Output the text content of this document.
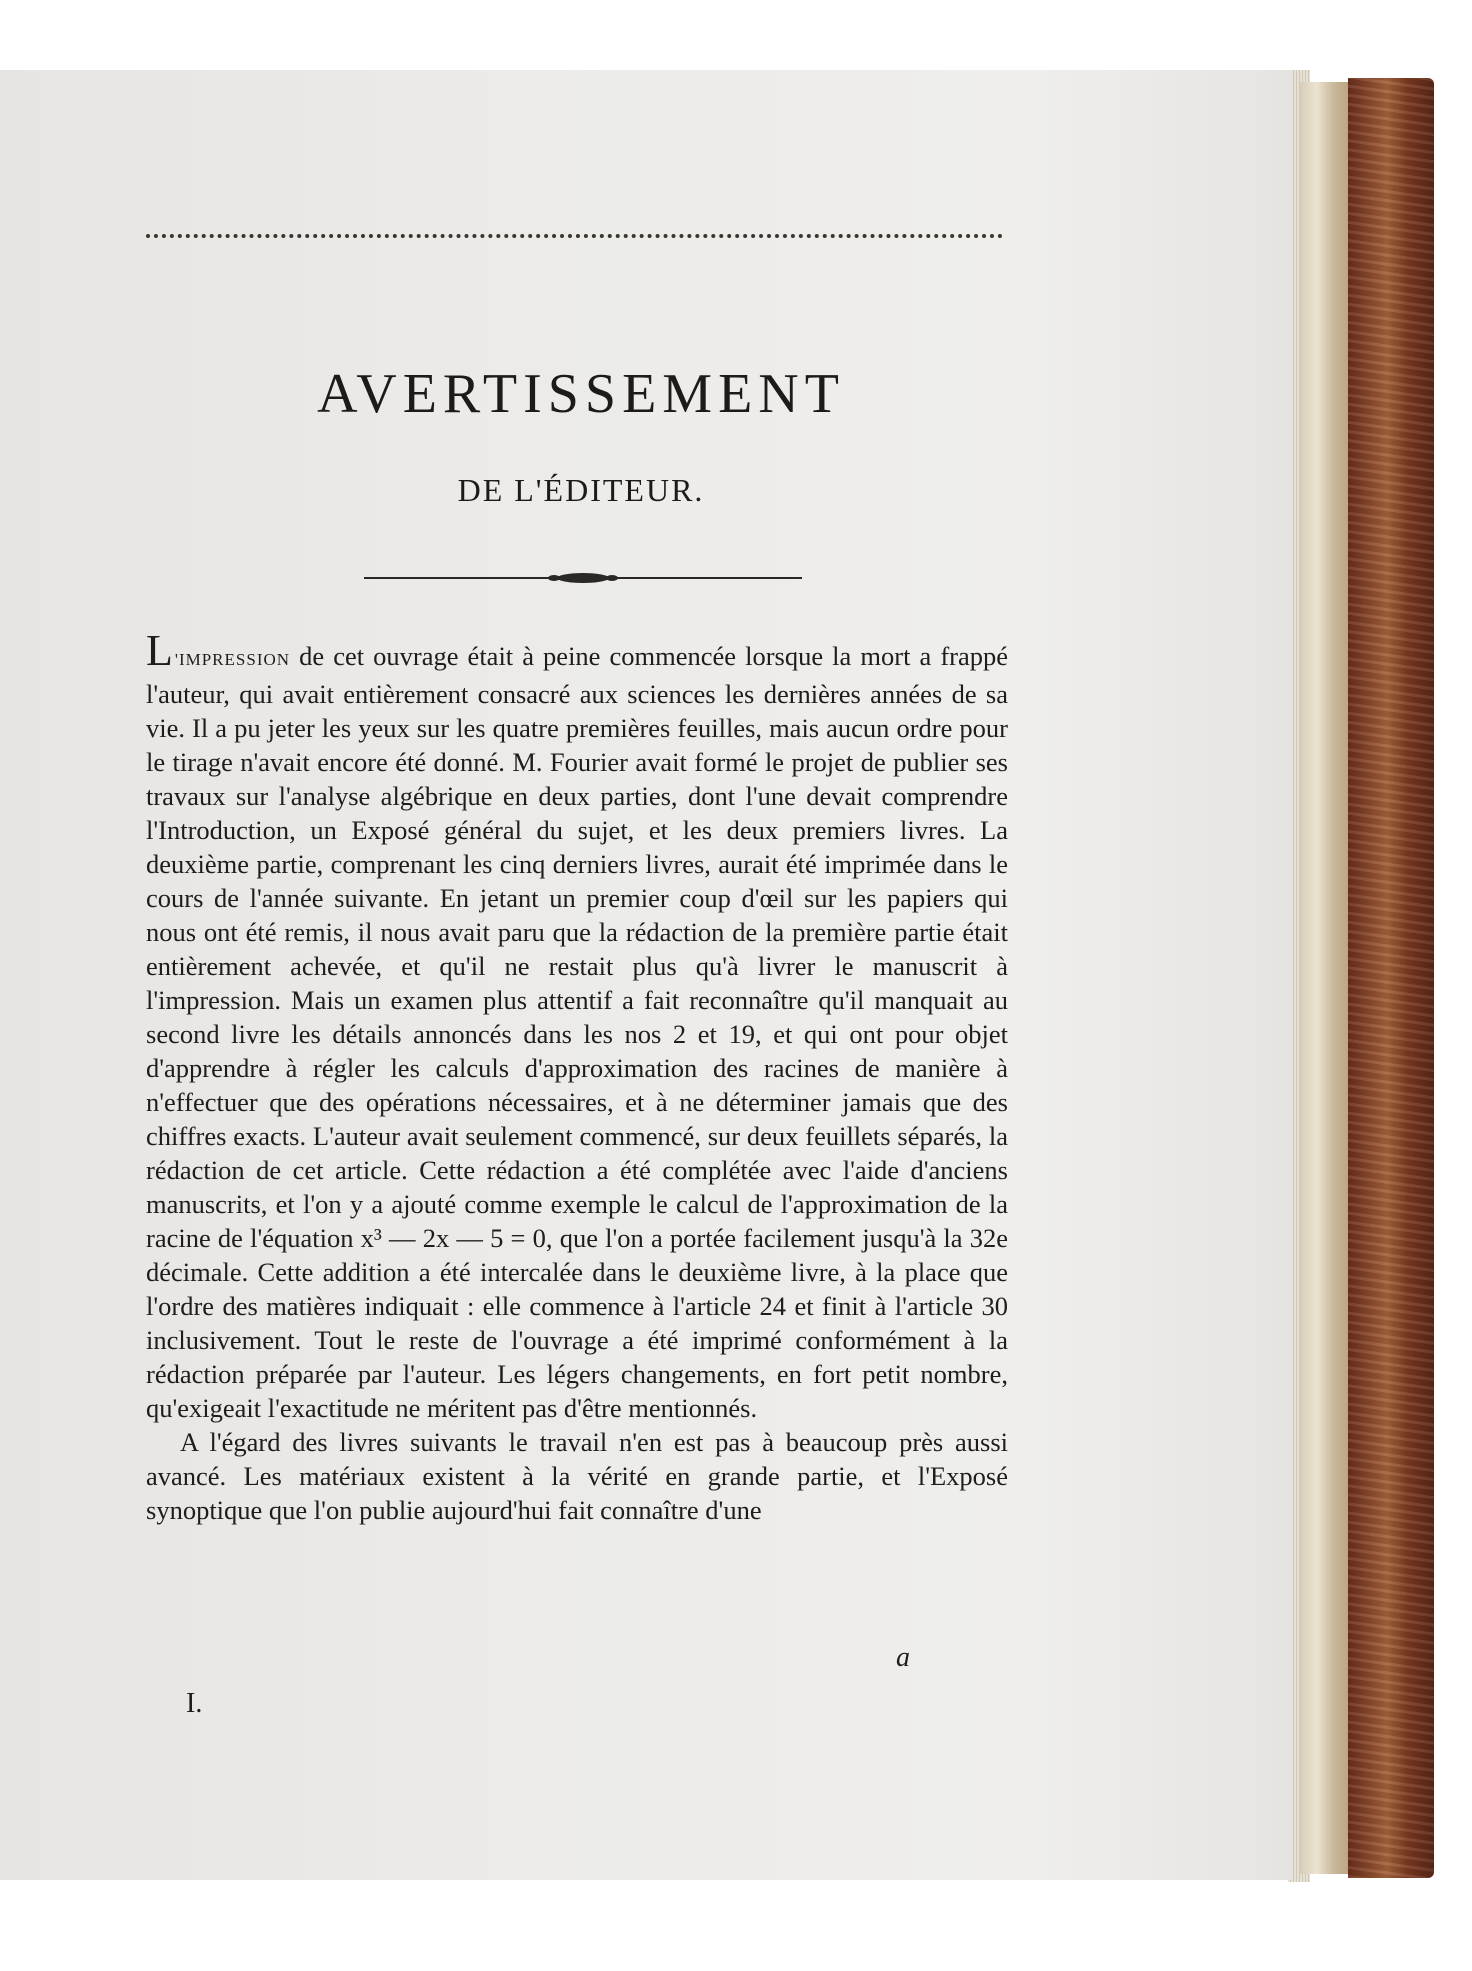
AVERTISSEMENT
DE L'ÉDITEUR.

L 'IMPRESSION de cet ouvrage était à peine commencée lorsque la mort a frappé l'auteur, qui avait entièrement consacré aux sciences les dernières années de sa vie. Il a pu jeter les yeux sur les quatre premières feuilles, mais aucun ordre pour le tirage n'avait encore été donné. M. Fourier avait formé le projet de publier ses travaux sur l'analyse algébrique en deux parties, dont l'une devait comprendre l'Introduction, un Exposé général du sujet, et les deux premiers livres. La deuxième partie, comprenant les cinq derniers livres, aurait été imprimée dans le cours de l'année suivante. En jetant un premier coup d'œil sur les papiers qui nous ont été remis, il nous avait paru que la rédaction de la première partie était entièrement achevée, et qu'il ne restait plus qu'à livrer le manuscrit à l'impression. Mais un examen plus attentif a fait reconnaître qu'il manquait au second livre les détails annoncés dans les nos 2 et 19, et qui ont pour objet d'apprendre à régler les calculs d'approximation des racines de manière à n'effectuer que des opérations nécessaires, et à ne déterminer jamais que des chiffres exacts. L'auteur avait seulement commencé, sur deux feuillets séparés, la rédaction de cet article. Cette rédaction a été complétée avec l'aide d'anciens manuscrits, et l'on y a ajouté comme exemple le calcul de l'approximation de la racine de l'équation x³ — 2x — 5 = 0, que l'on a portée facilement jusqu'à la 32e décimale. Cette addition a été intercalée dans le deuxième livre, à la place que l'ordre des matières indiquait : elle commence à l'article 24 et finit à l'article 30 inclusivement. Tout le reste de l'ouvrage a été imprimé conformément à la rédaction préparée par l'auteur. Les légers changements, en fort petit nombre, qu'exigeait l'exactitude ne méritent pas d'être mentionnés.

A l'égard des livres suivants le travail n'en est pas à beaucoup près aussi avancé. Les matériaux existent à la vérité en grande partie, et l'Exposé synoptique que l'on publie aujourd'hui fait connaître d'une

I.
a
